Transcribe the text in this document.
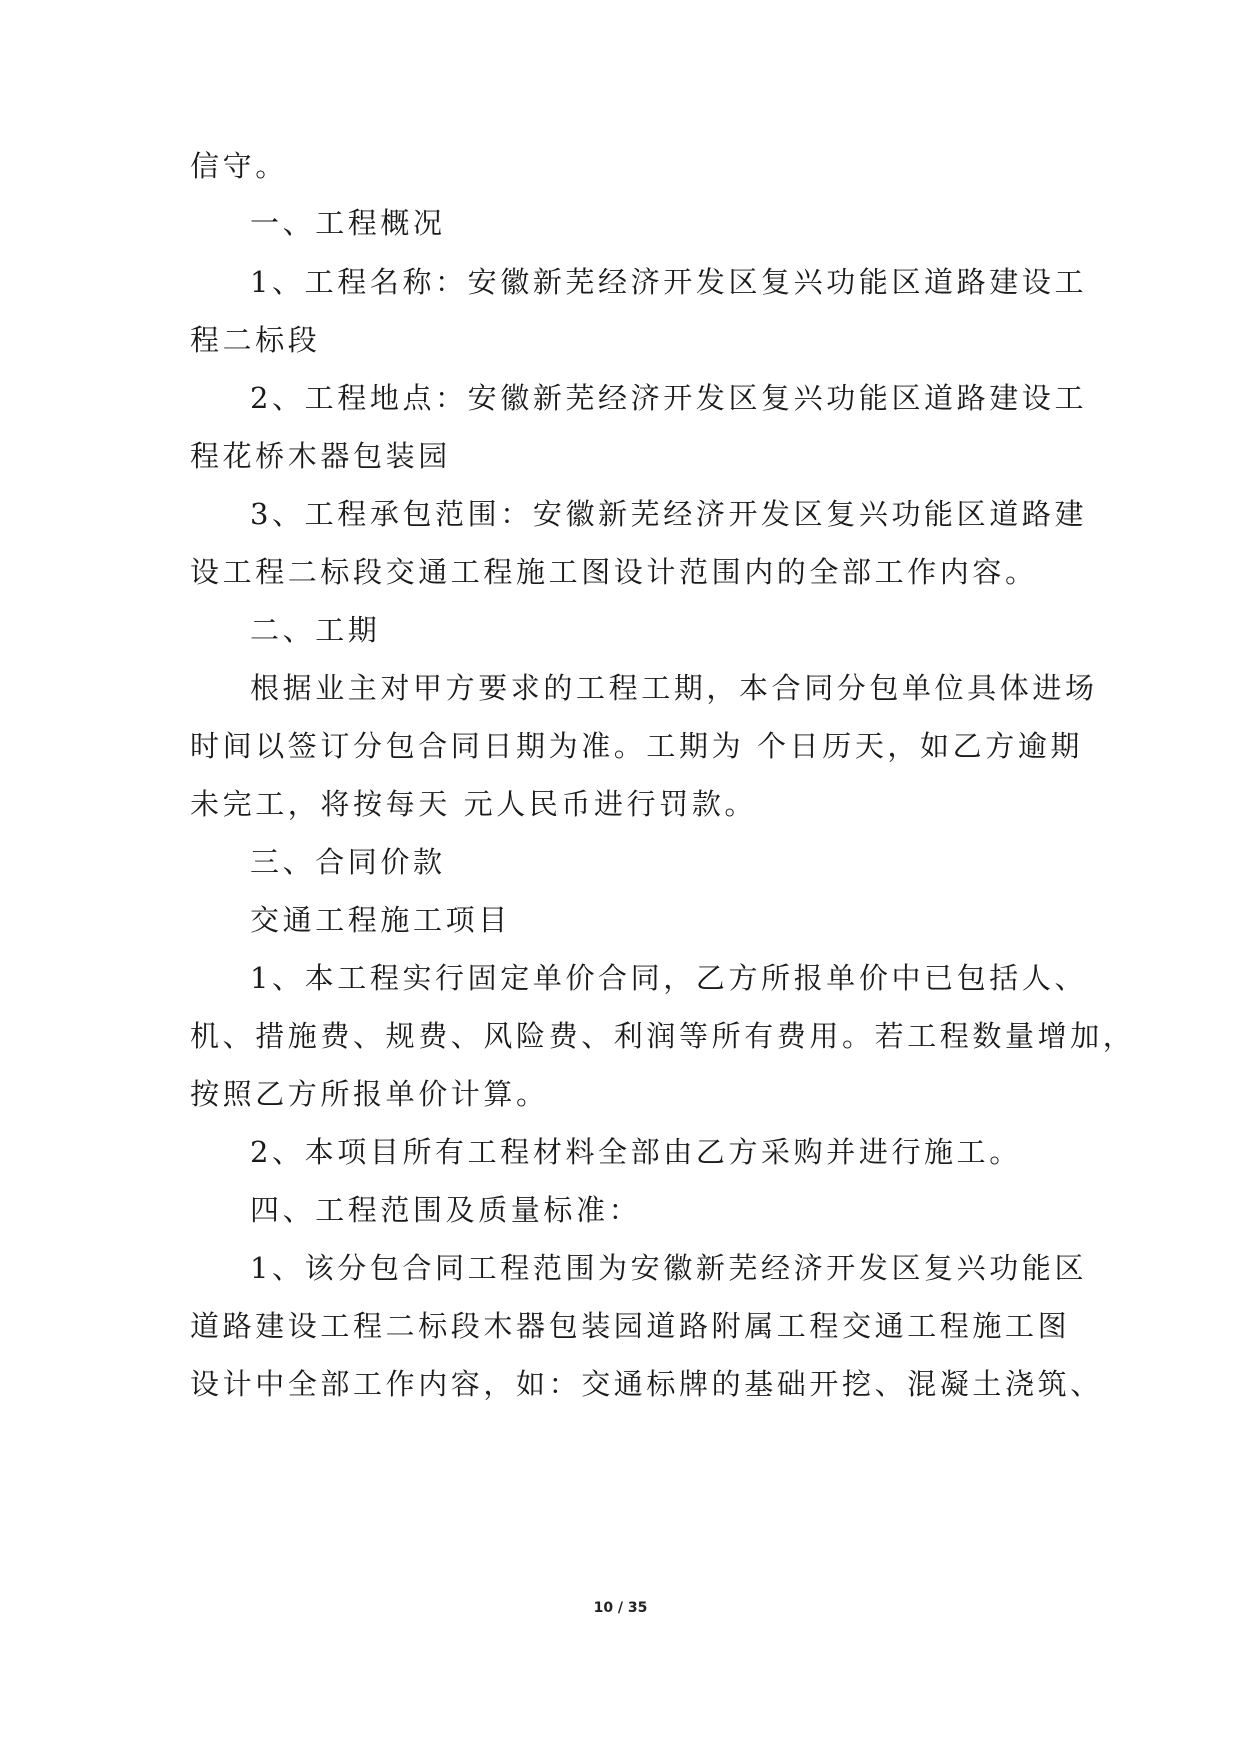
信守。
一、工程概况
1、工程名称：安徽新芜经济开发区复兴功能区道路建设工
程二标段
2、工程地点：安徽新芜经济开发区复兴功能区道路建设工
程花桥木器包装园
3、工程承包范围：安徽新芜经济开发区复兴功能区道路建
设工程二标段交通工程施工图设计范围内的全部工作内容。
二、工期
根据业主对甲方要求的工程工期，本合同分包单位具体进场
时间以签订分包合同日期为准。工期为 个日历天，如乙方逾期
未完工，将按每天 元人民币进行罚款。
三、合同价款
交通工程施工项目
1、本工程实行固定单价合同，乙方所报单价中已包括人、
机、措施费、规费、风险费、利润等所有费用。若工程数量增加，
按照乙方所报单价计算。
2、本项目所有工程材料全部由乙方采购并进行施工。
四、工程范围及质量标准：
1、该分包合同工程范围为安徽新芜经济开发区复兴功能区
道路建设工程二标段木器包装园道路附属工程交通工程施工图
设计中全部工作内容，如：交通标牌的基础开挖、混凝土浇筑、
10 / 35
